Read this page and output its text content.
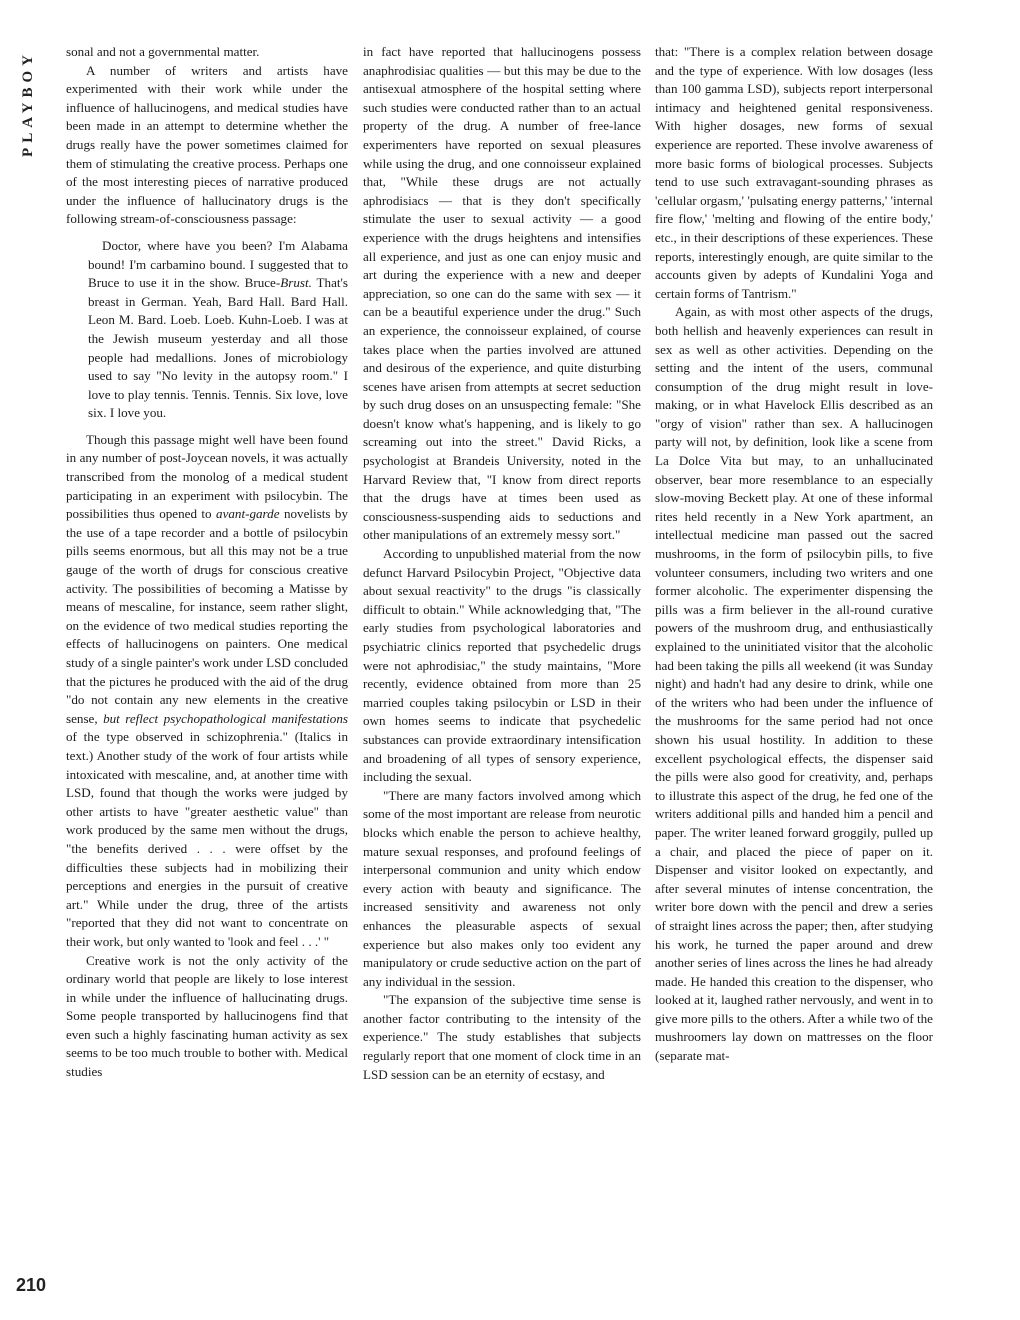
PLAYBOY
210

sonal and not a governmental matter.

A number of writers and artists have experimented with their work while under the influence of hallucinogens, and medical studies have been made in an attempt to determine whether the drugs really have the power sometimes claimed for them of stimulating the creative process. Perhaps one of the most interesting pieces of narrative produced under the influence of hallucinatory drugs is the following stream-of-consciousness passage:

Doctor, where have you been? I'm Alabama bound! I'm carbamino bound. I suggested that to Bruce to use it in the show. Bruce-Brust. That's breast in German. Yeah, Bard Hall. Bard Hall. Leon M. Bard. Loeb. Loeb. Kuhn-Loeb. I was at the Jewish museum yesterday and all those people had medallions. Jones of microbiology used to say "No levity in the autopsy room." I love to play tennis. Tennis. Tennis. Six love, love six. I love you.

Though this passage might well have been found in any number of post-Joycean novels, it was actually transcribed from the monolog of a medical student participating in an experiment with psilocybin. The possibilities thus opened to avant-garde novelists by the use of a tape recorder and a bottle of psilocybin pills seems enormous, but all this may not be a true gauge of the worth of drugs for conscious creative activity. The possibilities of becoming a Matisse by means of mescaline, for instance, seem rather slight, on the evidence of two medical studies reporting the effects of hallucinogens on painters. One medical study of a single painter's work under LSD concluded that the pictures he produced with the aid of the drug "do not contain any new elements in the creative sense, but reflect psychopathological manifestations of the type observed in schizophrenia." (Italics in text.) Another study of the work of four artists while intoxicated with mescaline, and, at another time with LSD, found that though the works were judged by other artists to have "greater aesthetic value" than work produced by the same men without the drugs, "the benefits derived . . . were offset by the difficulties these subjects had in mobilizing their perceptions and energies in the pursuit of creative art." While under the drug, three of the artists "reported that they did not want to concentrate on their work, but only wanted to 'look and feel . . .' "

Creative work is not the only activity of the ordinary world that people are likely to lose interest in while under the influence of hallucinating drugs. Some people transported by hallucinogens find that even such a highly fascinating human activity as sex seems to be too much trouble to bother with. Medical studies

in fact have reported that hallucinogens possess anaphrodisiac qualities — but this may be due to the antisexual atmosphere of the hospital setting where such studies were conducted rather than to an actual property of the drug. A number of free-lance experimenters have reported on sexual pleasures while using the drug, and one connoisseur explained that, "While these drugs are not actually aphrodisiacs — that is they don't specifically stimulate the user to sexual activity — a good experience with the drugs heightens and intensifies all experience, and just as one can enjoy music and art during the experience with a new and deeper appreciation, so one can do the same with sex — it can be a beautiful experience under the drug." Such an experience, the connoisseur explained, of course takes place when the parties involved are attuned and desirous of the experience, and quite disturbing scenes have arisen from attempts at secret seduction by such drug doses on an unsuspecting female: "She doesn't know what's happening, and is likely to go screaming out into the street." David Ricks, a psychologist at Brandeis University, noted in the Harvard Review that, "I know from direct reports that the drugs have at times been used as consciousness-suspending aids to seductions and other manipulations of an extremely messy sort."

According to unpublished material from the now defunct Harvard Psilocybin Project, "Objective data about sexual reactivity" to the drugs "is classically difficult to obtain." While acknowledging that, "The early studies from psychological laboratories and psychiatric clinics reported that psychedelic drugs were not aphrodisiac," the study maintains, "More recently, evidence obtained from more than 25 married couples taking psilocybin or LSD in their own homes seems to indicate that psychedelic substances can provide extraordinary intensification and broadening of all types of sensory experience, including the sexual.

"There are many factors involved among which some of the most important are release from neurotic blocks which enable the person to achieve healthy, mature sexual responses, and profound feelings of interpersonal communion and unity which endow every action with beauty and significance. The increased sensitivity and awareness not only enhances the pleasurable aspects of sexual experience but also makes only too evident any manipulatory or crude seductive action on the part of any individual in the session.

"The expansion of the subjective time sense is another factor contributing to the intensity of the experience." The study establishes that subjects regularly report that one moment of clock time in an LSD session can be an eternity of ecstasy, and

that: "There is a complex relation between dosage and the type of experience. With low dosages (less than 100 gamma LSD), subjects report interpersonal intimacy and heightened genital responsiveness. With higher dosages, new forms of sexual experience are reported. These involve awareness of more basic forms of biological processes. Subjects tend to use such extravagant-sounding phrases as 'cellular orgasm,' 'pulsating energy patterns,' 'internal fire flow,' 'melting and flowing of the entire body,' etc., in their descriptions of these experiences. These reports, interestingly enough, are quite similar to the accounts given by adepts of Kundalini Yoga and certain forms of Tantrism."

Again, as with most other aspects of the drugs, both hellish and heavenly experiences can result in sex as well as other activities. Depending on the setting and the intent of the users, communal consumption of the drug might result in love-making, or in what Havelock Ellis described as an "orgy of vision" rather than sex. A hallucinogen party will not, by definition, look like a scene from La Dolce Vita but may, to an unhallucinated observer, bear more resemblance to an especially slow-moving Beckett play. At one of these informal rites held recently in a New York apartment, an intellectual medicine man passed out the sacred mushrooms, in the form of psilocybin pills, to five volunteer consumers, including two writers and one former alcoholic. The experimenter dispensing the pills was a firm believer in the all-round curative powers of the mushroom drug, and enthusiastically explained to the uninitiated visitor that the alcoholic had been taking the pills all weekend (it was Sunday night) and hadn't had any desire to drink, while one of the writers who had been under the influence of the mushrooms for the same period had not once shown his usual hostility. In addition to these excellent psychological effects, the dispenser said the pills were also good for creativity, and, perhaps to illustrate this aspect of the drug, he fed one of the writers additional pills and handed him a pencil and paper. The writer leaned forward groggily, pulled up a chair, and placed the piece of paper on it. Dispenser and visitor looked on expectantly, and after several minutes of intense concentration, the writer bore down with the pencil and drew a series of straight lines across the paper; then, after studying his work, he turned the paper around and drew another series of lines across the lines he had already made. He handed this creation to the dispenser, who looked at it, laughed rather nervously, and went in to give more pills to the others. After a while two of the mushroomers lay down on mattresses on the floor (separate mat-
